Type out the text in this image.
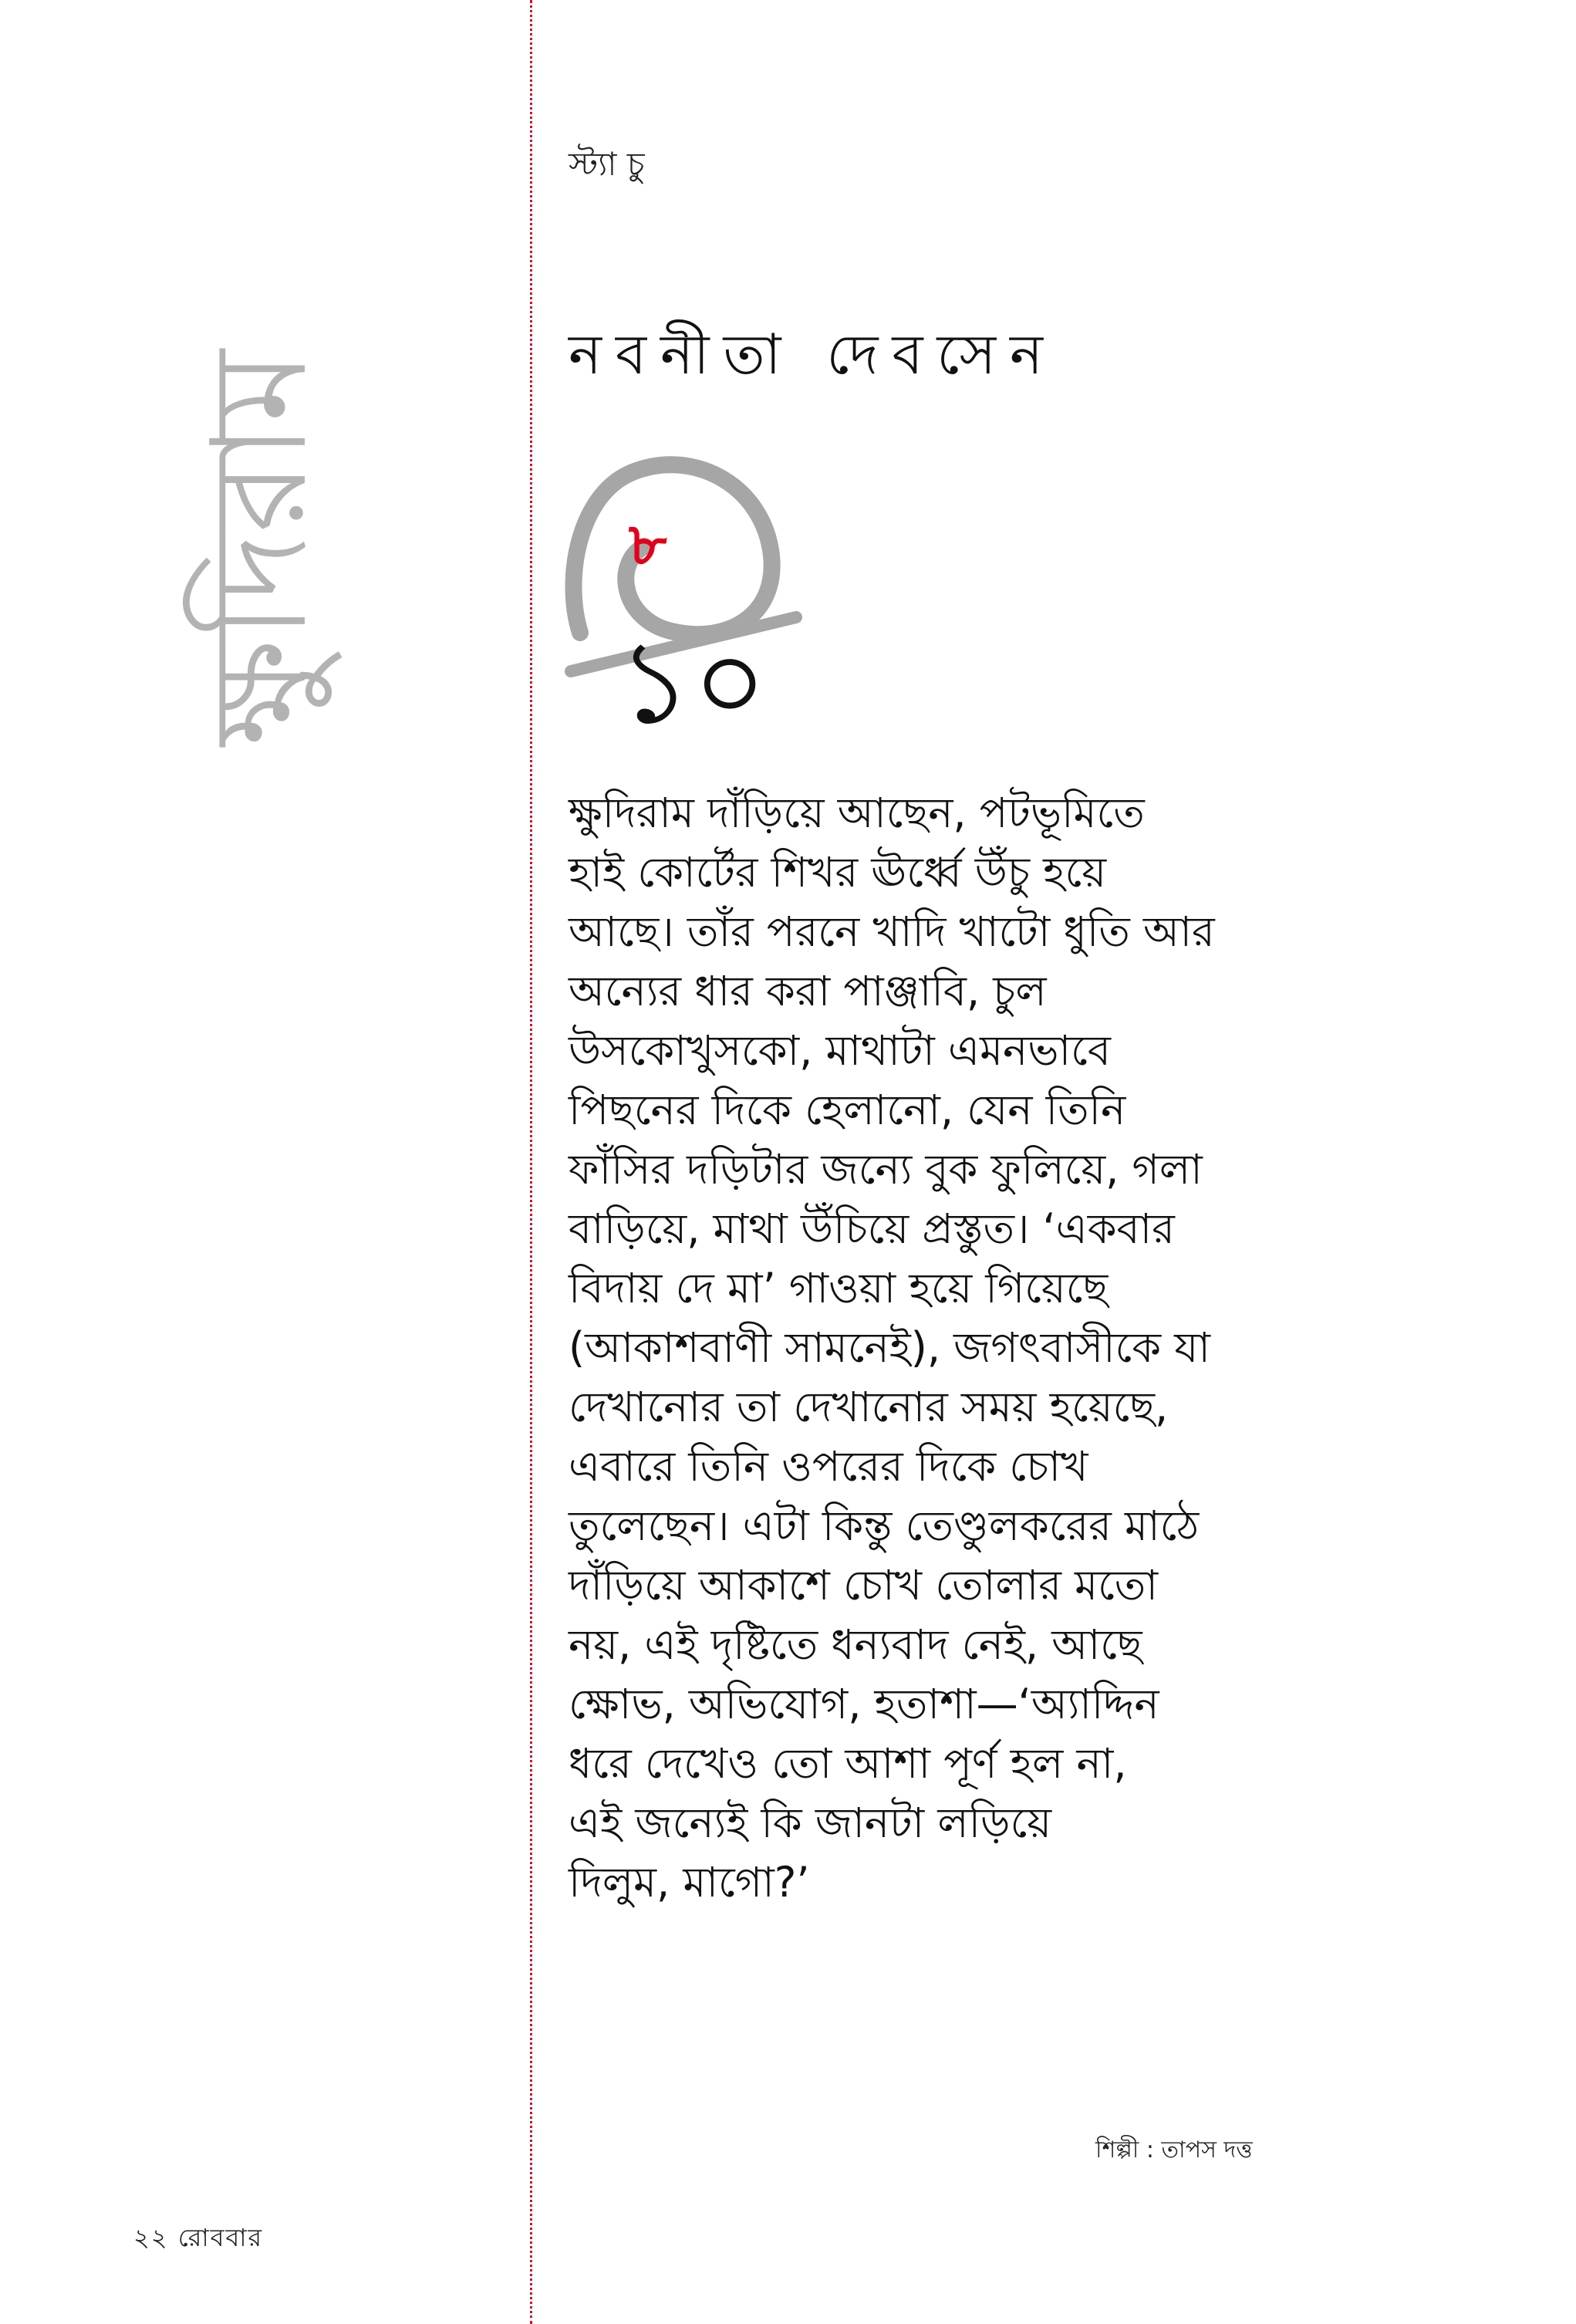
ক্ষুদিরাম
স্ট্যা চু
নবনীতা দেবসেন
৮
১০
ক্ষুদিরাম দাঁড়িয়ে আছেন, পটভূমিতে
হাই কোর্টের শিখর ঊর্ধ্বে উঁচু হয়ে
আছে। তাঁর পরনে খাদি খাটো ধুতি আর
অন্যের ধার করা পাঞ্জাবি, চুল
উসকোখুসকো, মাথাটা এমনভাবে
পিছনের দিকে হেলানো, যেন তিনি
ফাঁসির দড়িটার জন্যে বুক ফুলিয়ে, গলা
বাড়িয়ে, মাথা উঁচিয়ে প্রস্তুত। ‘একবার
বিদায় দে মা’ গাওয়া হয়ে গিয়েছে
(আকাশবাণী সামনেই), জগৎবাসীকে যা
দেখানোর তা দেখানোর সময় হয়েছে,
এবারে তিনি ওপরের দিকে চোখ
তুলেছেন। এটা কিন্তু তেণ্ডুলকরের মাঠে
দাঁড়িয়ে আকাশে চোখ তোলার মতো
নয়, এই দৃষ্টিতে ধন্যবাদ নেই, আছে
ক্ষোভ, অভিযোগ, হতাশা—‘অ্যাদ্দিন
ধরে দেখেও তো আশা পূর্ণ হল না,
এই জন্যেই কি জানটা লড়িয়ে
দিলুম, মাগো?’
শিল্পী : তাপস দত্ত
২২ রোববার
